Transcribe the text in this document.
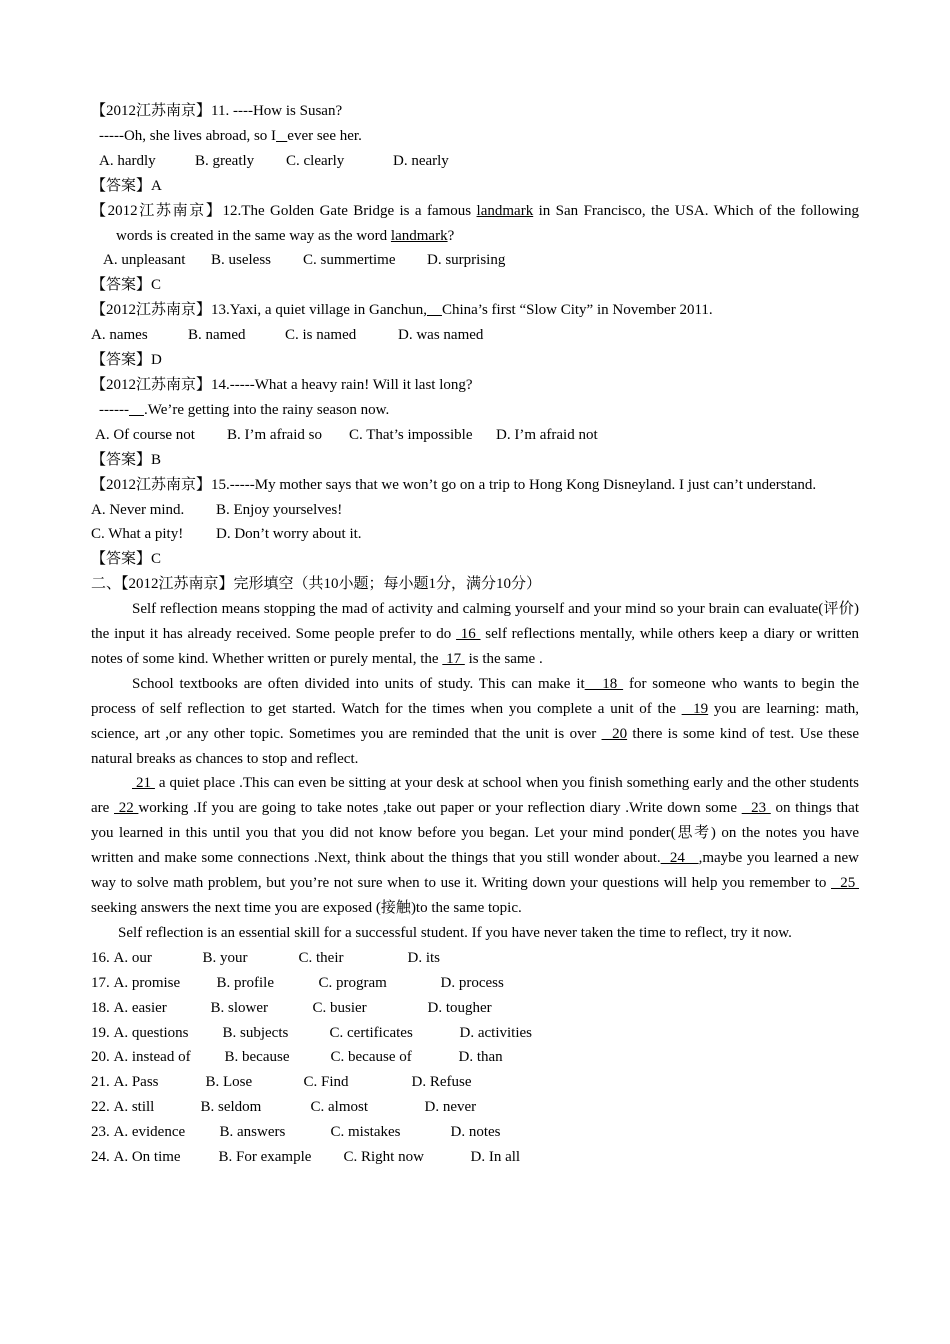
【2012江苏南京】11. ----How is Susan?
-----Oh, she lives abroad, so I ever see her.
A. hardly	B. greatly C. clearly	D. nearly
【答案】A
【2012江苏南京】12.The Golden Gate Bridge is a famous landmark in San Francisco, the USA. Which of the following words is created in the same way as the word landmark?
A. unpleasant B. useless C. summertime D. surprising
【答案】C
【2012江苏南京】13.Yaxi, a quiet village in Ganchun, China’s first “Slow City” in November 2011.
A. names	B. named	C. is named	D. was named
【答案】D
【2012江苏南京】14.-----What a heavy rain! Will it last long?
------ .We’re getting into the rainy season now.
A. Of course not B. I’m afraid so C. That’s impossible D. I’m afraid not
【答案】B
【2012江苏南京】15.-----My mother says that we won’t go on a trip to Hong Kong Disneyland. I just can’t understand.
A. Never mind. B. Enjoy yourselves!
C. What a pity! D. Don’t worry about it.
【答案】C
二、【2012江苏南京】完形填空（共10小题；每小题1分，满分10分）
Self reflection means stopping the mad of activity and calming yourself and your mind so your brain can evaluate(评价) the input it has already received. Some people prefer to do  16  self reflections mentally, while others keep a diary or written notes of some kind. Whether written or purely mental, the  17  is the same .
School textbooks are often divided into units of study. This can make it   18  for someone who wants to begin the process of self reflection to get started. Watch for the times when you complete a unit of the   19 you are learning: math, science, art ,or any other topic. Sometimes you are reminded that the unit is over   20 there is some kind of test. Use these natural breaks as chances to stop and reflect.
21  a quiet place .This can even be sitting at your desk at school when you finish something early and the other students are  22 working .If you are going to take notes ,take out paper or your reflection diary .Write down some   23  on things that you learned in this until you that you did not know before you began. Let your mind ponder(思考) on the notes you have written and make some connections .Next, think about the things that you still wonder about.  24   ,maybe you learned a new way to solve math problem, but you’re not sure when to use it. Writing down your questions will help you remember to   25  seeking answers the next time you are exposed (接触)to the same topic.
Self reflection is an essential skill for a successful student. If you have never taken the time to reflect, try it now.
16. A. our	B. your	C. their	D. its
17. A. promise B. profile	C. program	D. process
18. A. easier	B. slower	C. busier	D. tougher
19. A. questions B. subjects	C. certificates	D. activities
20. A. instead of B. because	C. because of	D. than
21. A. Pass	B. Lose	C. Find	D. Refuse
22. A. still	B. seldom	C. almost	D. never
23. A. evidence B. answers	C. mistakes	D. notes
24. A. On time	B. For example C. Right now	D. In all
